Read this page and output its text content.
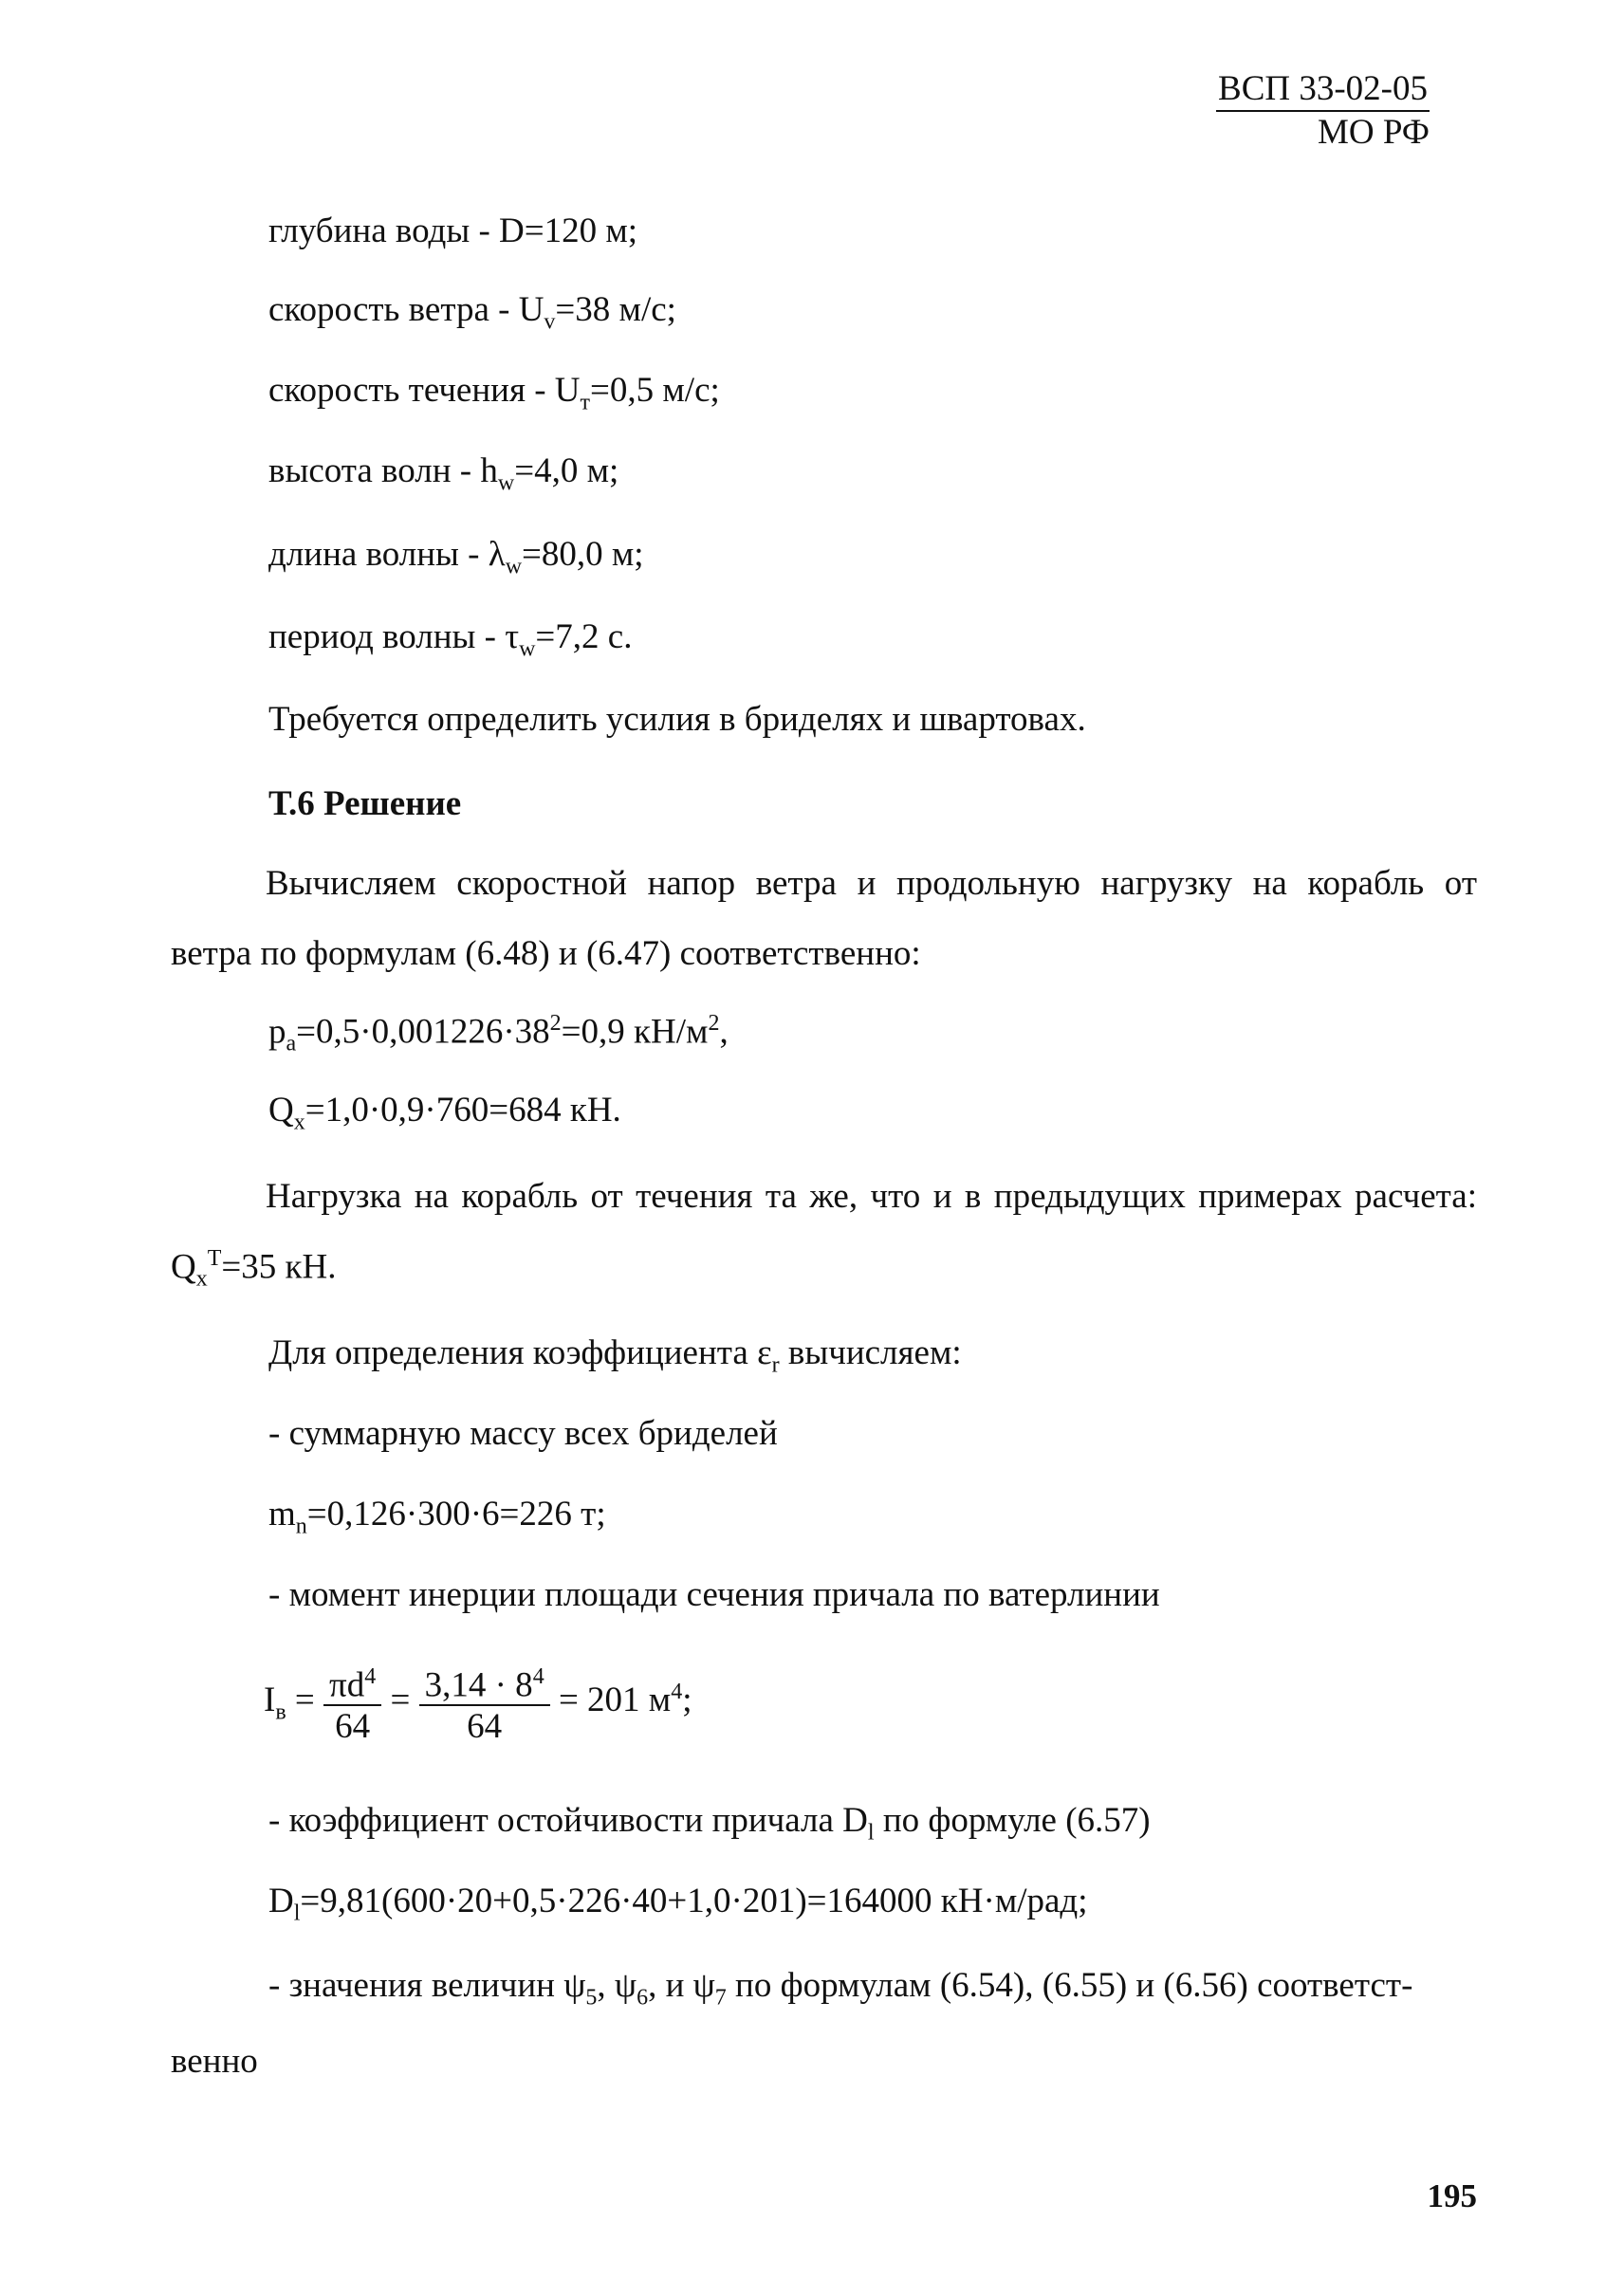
ВСП 33-02-05
МО РФ
глубина воды - D=120 м;
скорость ветра - $U_v=38$ м/с;
скорость течения - $U_т=0,5$ м/с;
высота волн - $h_w=4,0$ м;
длина волны - $\lambda_w=80,0$ м;
период волны - $\tau_w=7,2$ с.
Требуется определить усилия в бриделях и швартовах.
Т.6 Решение
Вычисляем скоростной напор ветра и продольную нагрузку на корабль от
ветра по формулам (6.48) и (6.47) соответственно:
$p_a=0,5\cdot 0,001226\cdot 38^2=0,9$ $кН/м^2$,
$Q_x=1,0\cdot 0,9\cdot 760=684$ кН.
Нагрузка на корабль от течения та же, что и в предыдущих примерах расчета:
$Q_x^T=35$ кН.
Для определения коэффициента $\varepsilon_r$ вычисляем:
- суммарную массу всех бриделей
$m_n=0,126\cdot 300\cdot 6=226$ т;
- момент инерции площади сечения причала по ватерлинии
$I_в = \frac{\pi d^4}{64} = \frac{3,14 \cdot 8^4}{64} = 201$ $м^4$;
- коэффициент остойчивости причала $D_l$ по формуле (6.57)
$D_l=9,81(600\cdot 20+0,5\cdot 226\cdot 40+1,0\cdot 201)=164000$ кН·м/рад;
- значения величин $\psi_5$, $\psi_6$, и $\psi_7$ по формулам (6.54), (6.55) и (6.56) соответст-
венно
195
